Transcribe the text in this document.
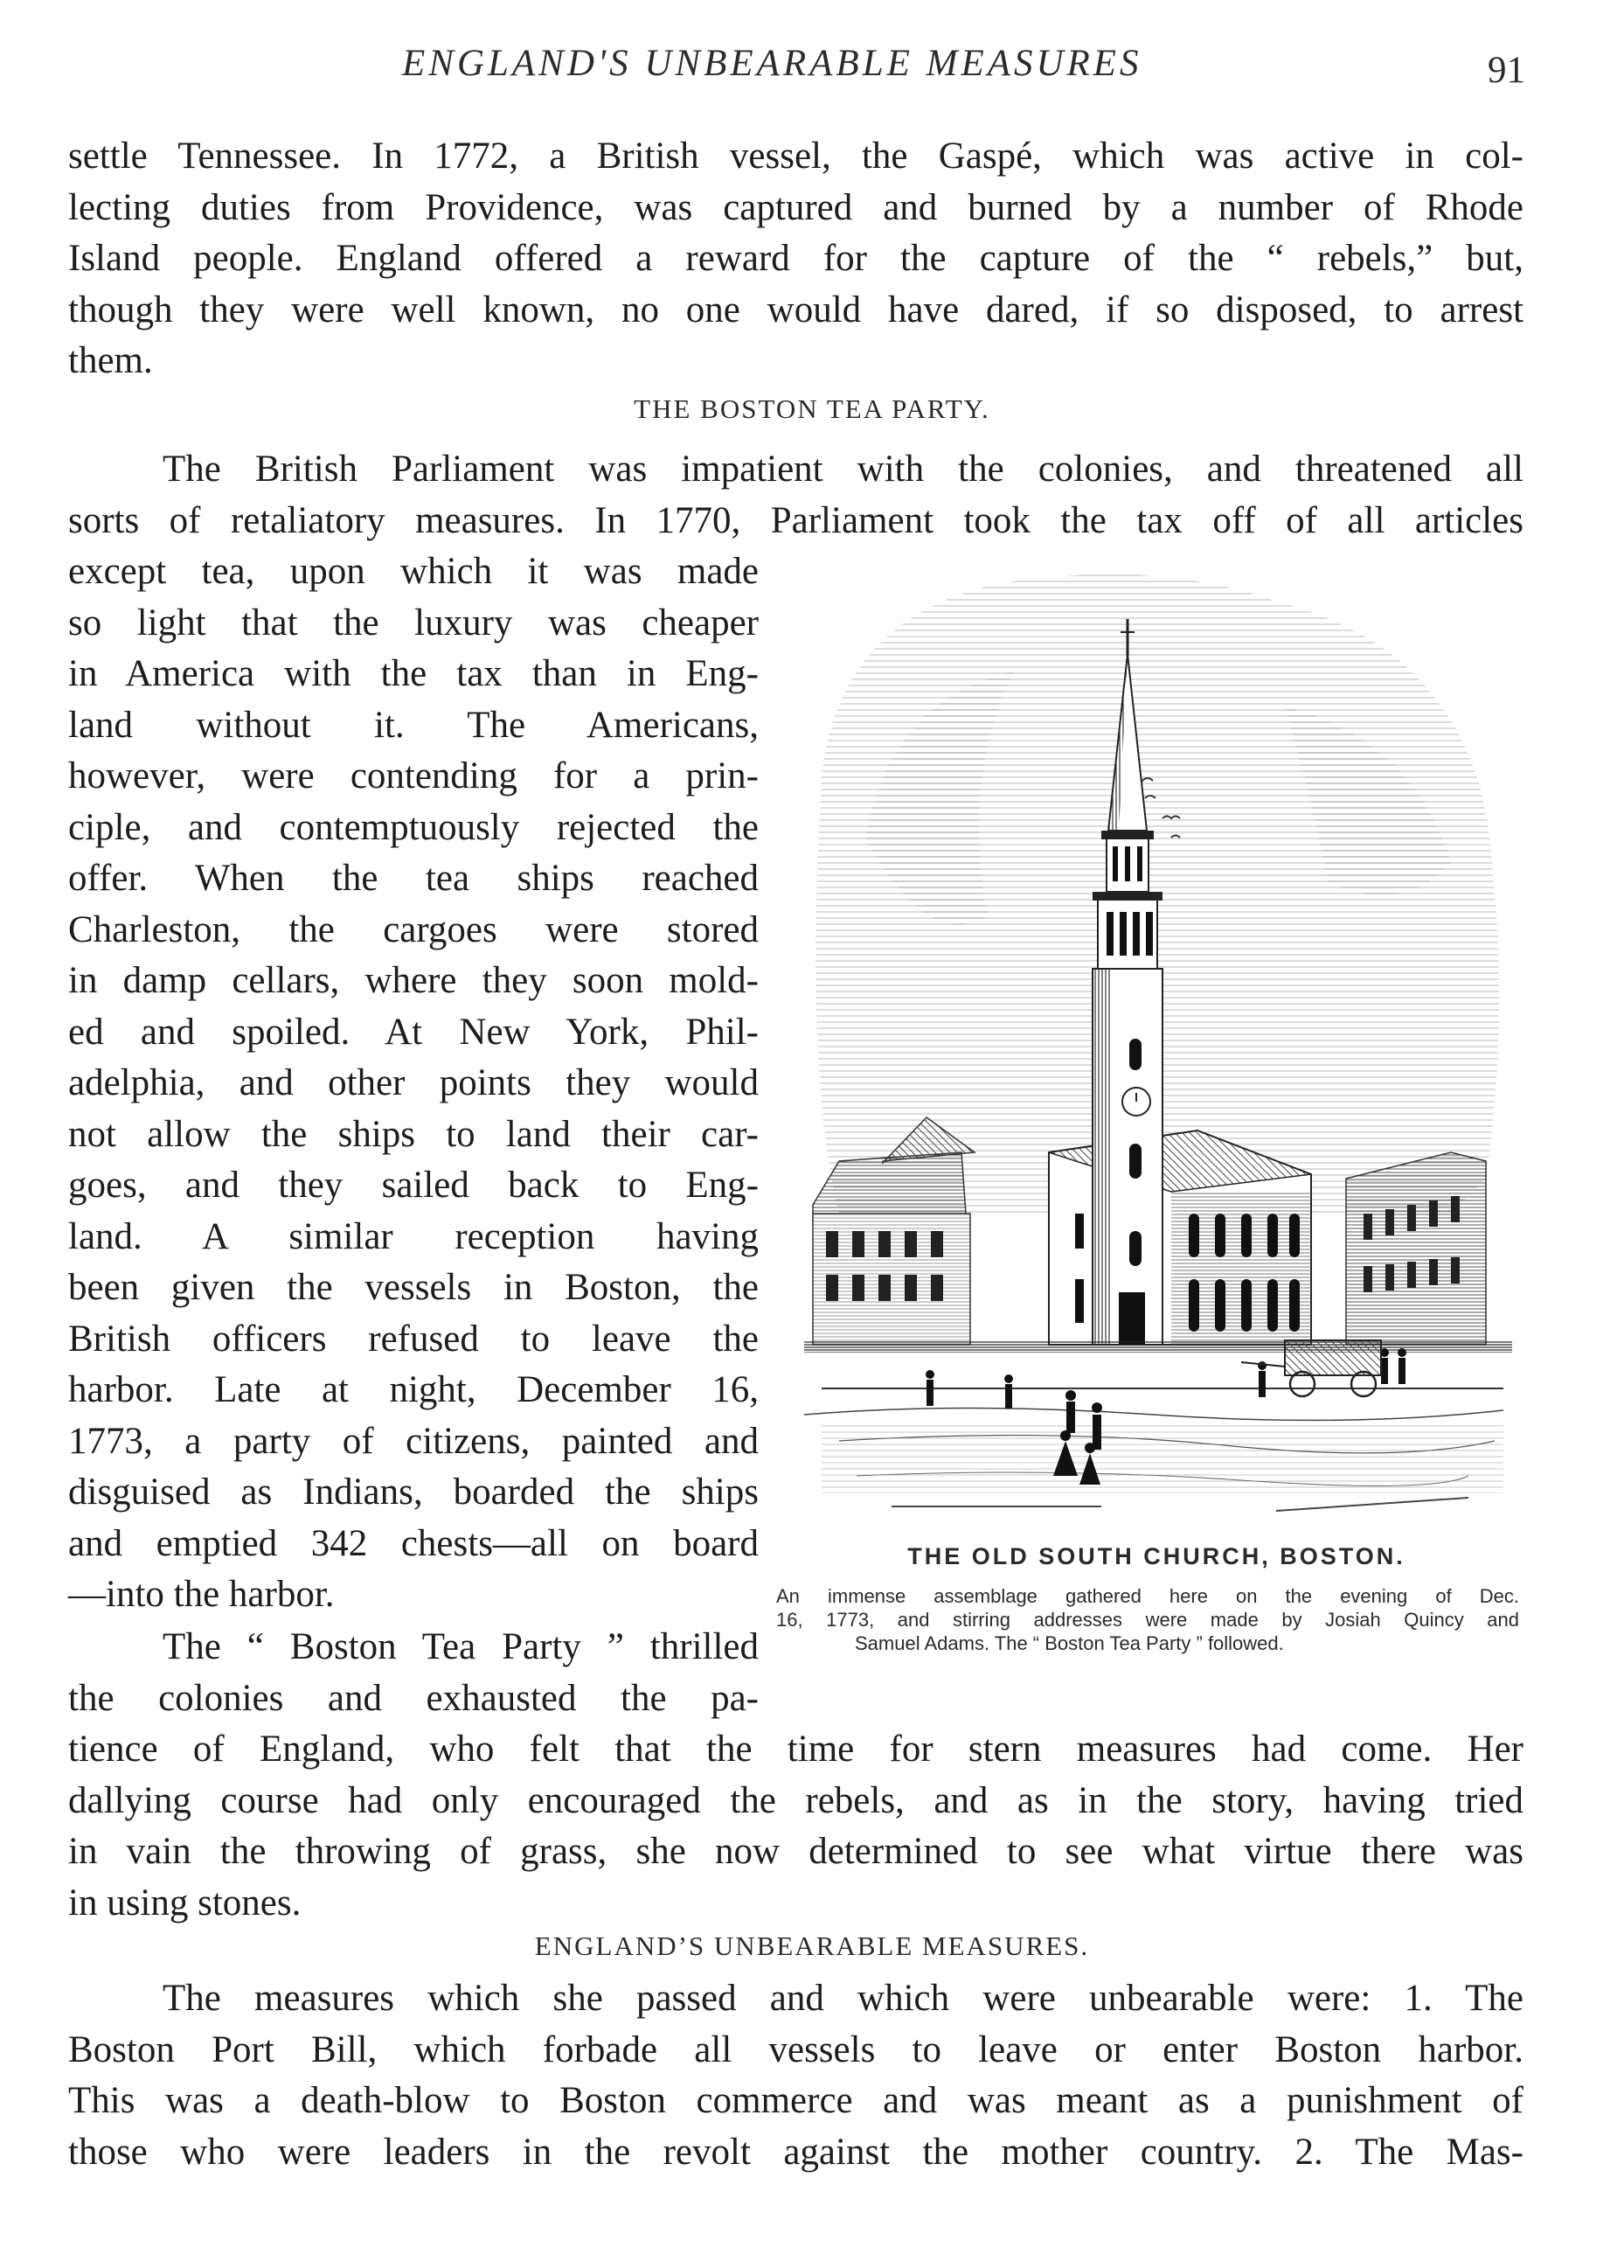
ENGLAND'S UNBEARABLE MEASURES	91
settle Tennessee. In 1772, a British vessel, the Gaspé, which was active in col-
lecting duties from Providence, was captured and burned by a number of Rhode
Island people. England offered a reward for the capture of the “ rebels,” but,
though they were well known, no one would have dared, if so disposed, to arrest
them.
THE BOSTON TEA PARTY.
The British Parliament was impatient with the colonies, and threatened all
sorts of retaliatory measures. In 1770, Parliament took the tax off of all articles
except tea, upon which it was made
so light that the luxury was cheaper
in America with the tax than in Eng-
land without it. The Americans,
however, were contending for a prin-
ciple, and contemptuously rejected the
offer. When the tea ships reached
Charleston, the cargoes were stored
in damp cellars, where they soon mold-
ed and spoiled. At New York, Phil-
adelphia, and other points they would
not allow the ships to land their car-
goes, and they sailed back to Eng-
land. A similar reception having
been given the vessels in Boston, the
British officers refused to leave the
harbor. Late at night, December 16,
1773, a party of citizens, painted and
disguised as Indians, boarded the ships
and emptied 342 chests—all on board
—into the harbor.
The “ Boston Tea Party ” thrilled
the colonies and exhausted the pa-
tience of England, who felt that the time for stern measures had come. Her
dallying course had only encouraged the rebels, and as in the story, having tried
in vain the throwing of grass, she now determined to see what virtue there was
in using stones.
ENGLAND’S UNBEARABLE MEASURES.
The measures which she passed and which were unbearable were: 1. The
Boston Port Bill, which forbade all vessels to leave or enter Boston harbor.
This was a death-blow to Boston commerce and was meant as a punishment of
those who were leaders in the revolt against the mother country. 2. The Mas-
THE OLD SOUTH CHURCH, BOSTON.
An immense assemblage gathered here on the evening of Dec.
16, 1773, and stirring addresses were made by Josiah Quincy and
Samuel Adams. The “ Boston Tea Party ” followed.
